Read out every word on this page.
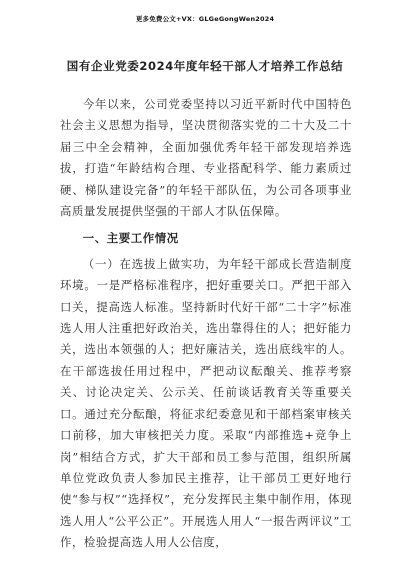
更多免费公文+VX：GLGeGongWen2024
国有企业党委2024年度年轻干部人才培养工作总结

今年以来，公司党委坚持以习近平新时代中国特色社会主义思想为指导，坚决贯彻落实党的二十大及二十届三中全会精神，全面加强优秀年轻干部发现培养选拔，打造“年龄结构合理、专业搭配科学、能力素质过硬、梯队建设完备”的年轻干部队伍，为公司各项事业高质量发展提供坚强的干部人才队伍保障。

一、主要工作情况

（一）在选拔上做实功，为年轻干部成长营造制度环境。一是严格标准程序，把好重要关口。严把干部入口关，提高选人标准。坚持新时代好干部“二十字”标准选人用人注重把好政治关，选出靠得住的人；把好能力关，选出本领强的人；把好廉洁关，选出底线牢的人。在干部选拔任用过程中，严把动议酝酿关、推荐考察关、讨论决定关、公示关、任前谈话教育关等重要关口。通过充分酝酿，将征求纪委意见和干部档案审核关口前移，加大审核把关力度。采取“内部推选+竞争上岗”相结合方式，扩大干部和员工参与范围，组织所属单位党政负责人参加民主推荐，让干部员工更好地行使“参与权”“选择权”，充分发挥民主集中制作用，体现选人用人“公平公正”。开展选人用人“一报告两评议”工作，检验提高选人用人公信度，
